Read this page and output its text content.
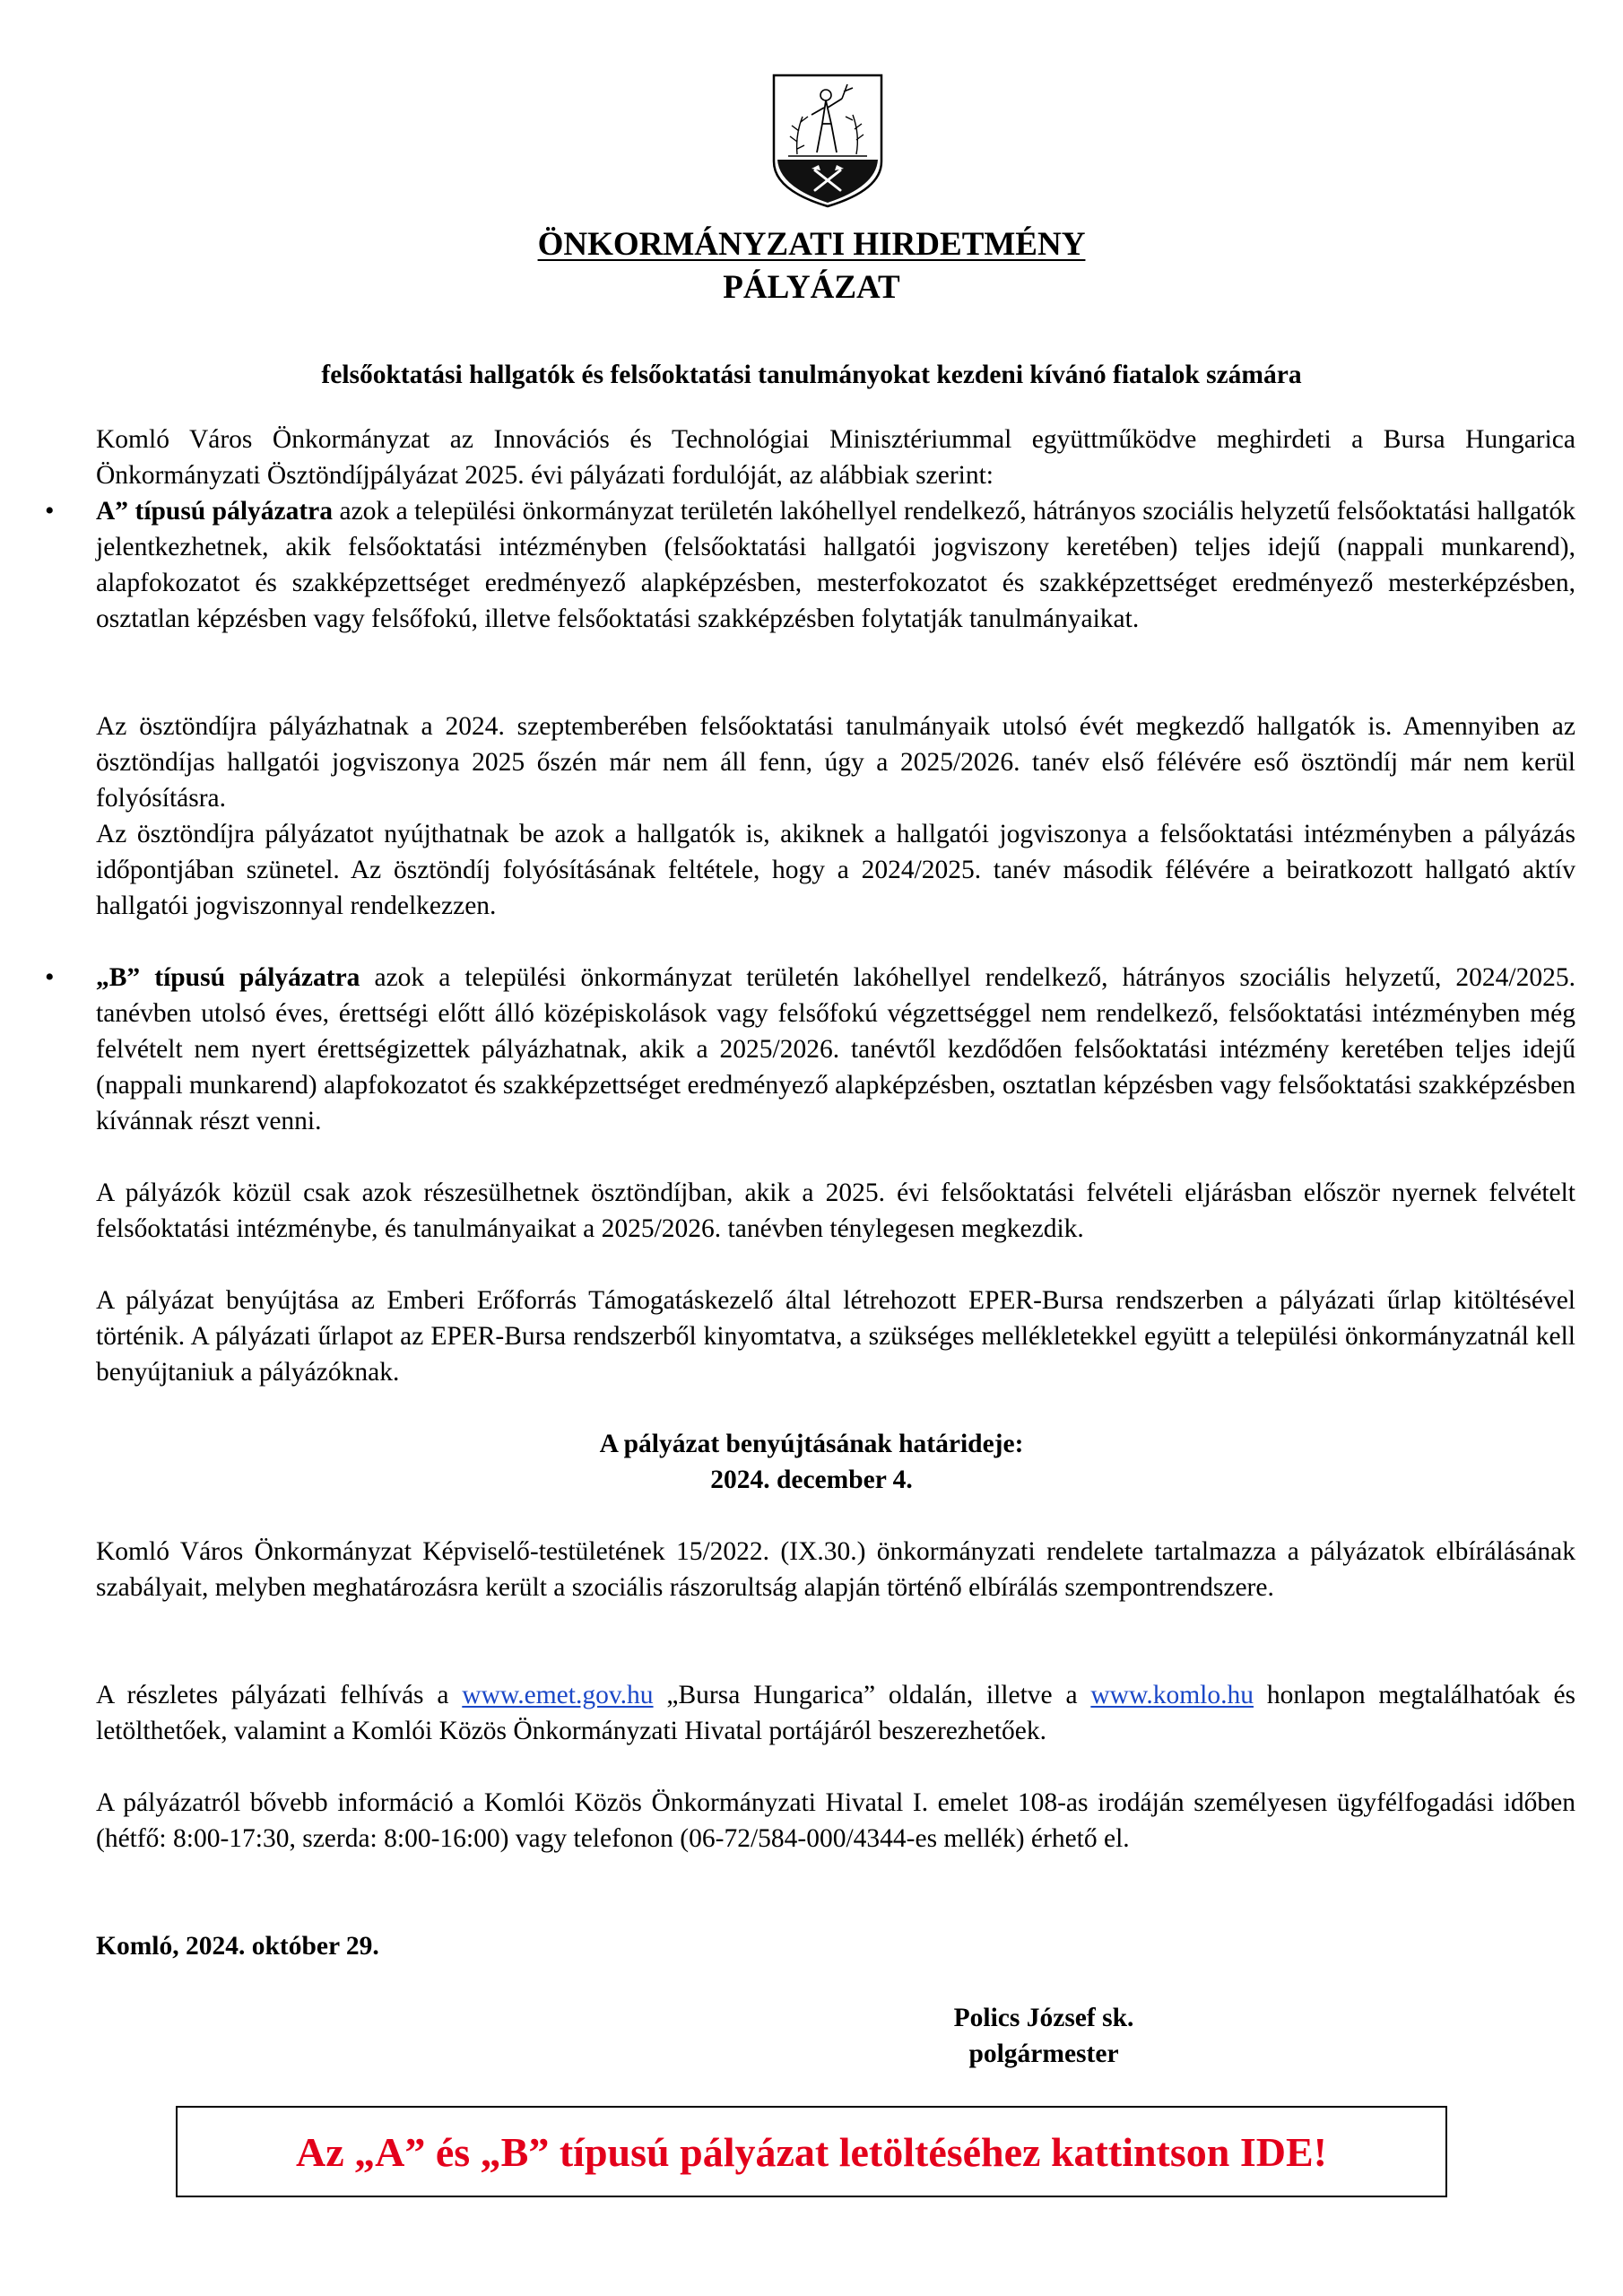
ÖNKORMÁNYZATI HIRDETMÉNY
PÁLYÁZAT
felsőoktatási hallgatók és felsőoktatási tanulmányokat kezdeni kívánó fiatalok számára

Komló Város Önkormányzat az Innovációs és Technológiai Minisztériummal együttműködve meghirdeti a Bursa Hungarica Önkormányzati Ösztöndíjpályázat 2025. évi pályázati fordulóját, az alábbiak szerint:

• A” típusú pályázatra azok a települési önkormányzat területén lakóhellyel rendelkező, hátrányos szociális helyzetű felsőoktatási hallgatók jelentkezhetnek, akik felsőoktatási intézményben (felsőoktatási hallgatói jogviszony keretében) teljes idejű (nappali munkarend), alapfokozatot és szakképzettséget eredményező alapképzésben, mesterfokozatot és szakképzettséget eredményező mesterképzésben, osztatlan képzésben vagy felsőfokú, illetve felsőoktatási szakképzésben folytatják tanulmányaikat.

Az ösztöndíjra pályázhatnak a 2024. szeptemberében felsőoktatási tanulmányaik utolsó évét megkezdő hallgatók is. Amennyiben az ösztöndíjas hallgatói jogviszonya 2025 őszén már nem áll fenn, úgy a 2025/2026. tanév első félévére eső ösztöndíj már nem kerül folyósításra.

Az ösztöndíjra pályázatot nyújthatnak be azok a hallgatók is, akiknek a hallgatói jogviszonya a felsőoktatási intézményben a pályázás időpontjában szünetel. Az ösztöndíj folyósításának feltétele, hogy a 2024/2025. tanév második félévére a beiratkozott hallgató aktív hallgatói jogviszonnyal rendelkezzen.

• „B” típusú pályázatra azok a települési önkormányzat területén lakóhellyel rendelkező, hátrányos szociális helyzetű, 2024/2025. tanévben utolsó éves, érettségi előtt álló középiskolások vagy felsőfokú végzettséggel nem rendelkező, felsőoktatási intézményben még felvételt nem nyert érettségizettek pályázhatnak, akik a 2025/2026. tanévtől kezdődően felsőoktatási intézmény keretében teljes idejű (nappali munkarend) alapfokozatot és szakképzettséget eredményező alapképzésben, osztatlan képzésben vagy felsőoktatási szakképzésben kívánnak részt venni.

A pályázók közül csak azok részesülhetnek ösztöndíjban, akik a 2025. évi felsőoktatási felvételi eljárásban először nyernek felvételt felsőoktatási intézménybe, és tanulmányaikat a 2025/2026. tanévben ténylegesen megkezdik.

A pályázat benyújtása az Emberi Erőforrás Támogatáskezelő által létrehozott EPER-Bursa rendszerben a pályázati űrlap kitöltésével történik. A pályázati űrlapot az EPER-Bursa rendszerből kinyomtatva, a szükséges mellékletekkel együtt a települési önkormányzatnál kell benyújtaniuk a pályázóknak.

A pályázat benyújtásának határideje:
2024. december 4.

Komló Város Önkormányzat Képviselő-testületének 15/2022. (IX.30.) önkormányzati rendelete tartalmazza a pályázatok elbírálásának szabályait, melyben meghatározásra került a szociális rászorultság alapján történő elbírálás szempontrendszere.

A részletes pályázati felhívás a www.emet.gov.hu „Bursa Hungarica” oldalán, illetve a www.komlo.hu honlapon megtalálhatóak és letölthetőek, valamint a Komlói Közös Önkormányzati Hivatal portájáról beszerezhetőek.

A pályázatról bővebb információ a Komlói Közös Önkormányzati Hivatal I. emelet 108-as irodáján személyesen ügyfélfogadási időben (hétfő: 8:00-17:30, szerda: 8:00-16:00) vagy telefonon (06-72/584-000/4344-es mellék) érhető el.

Komló, 2024. október 29.
Polics József sk.
polgármester
Az „A” és „B” típusú pályázat letöltéséhez kattintson IDE!
